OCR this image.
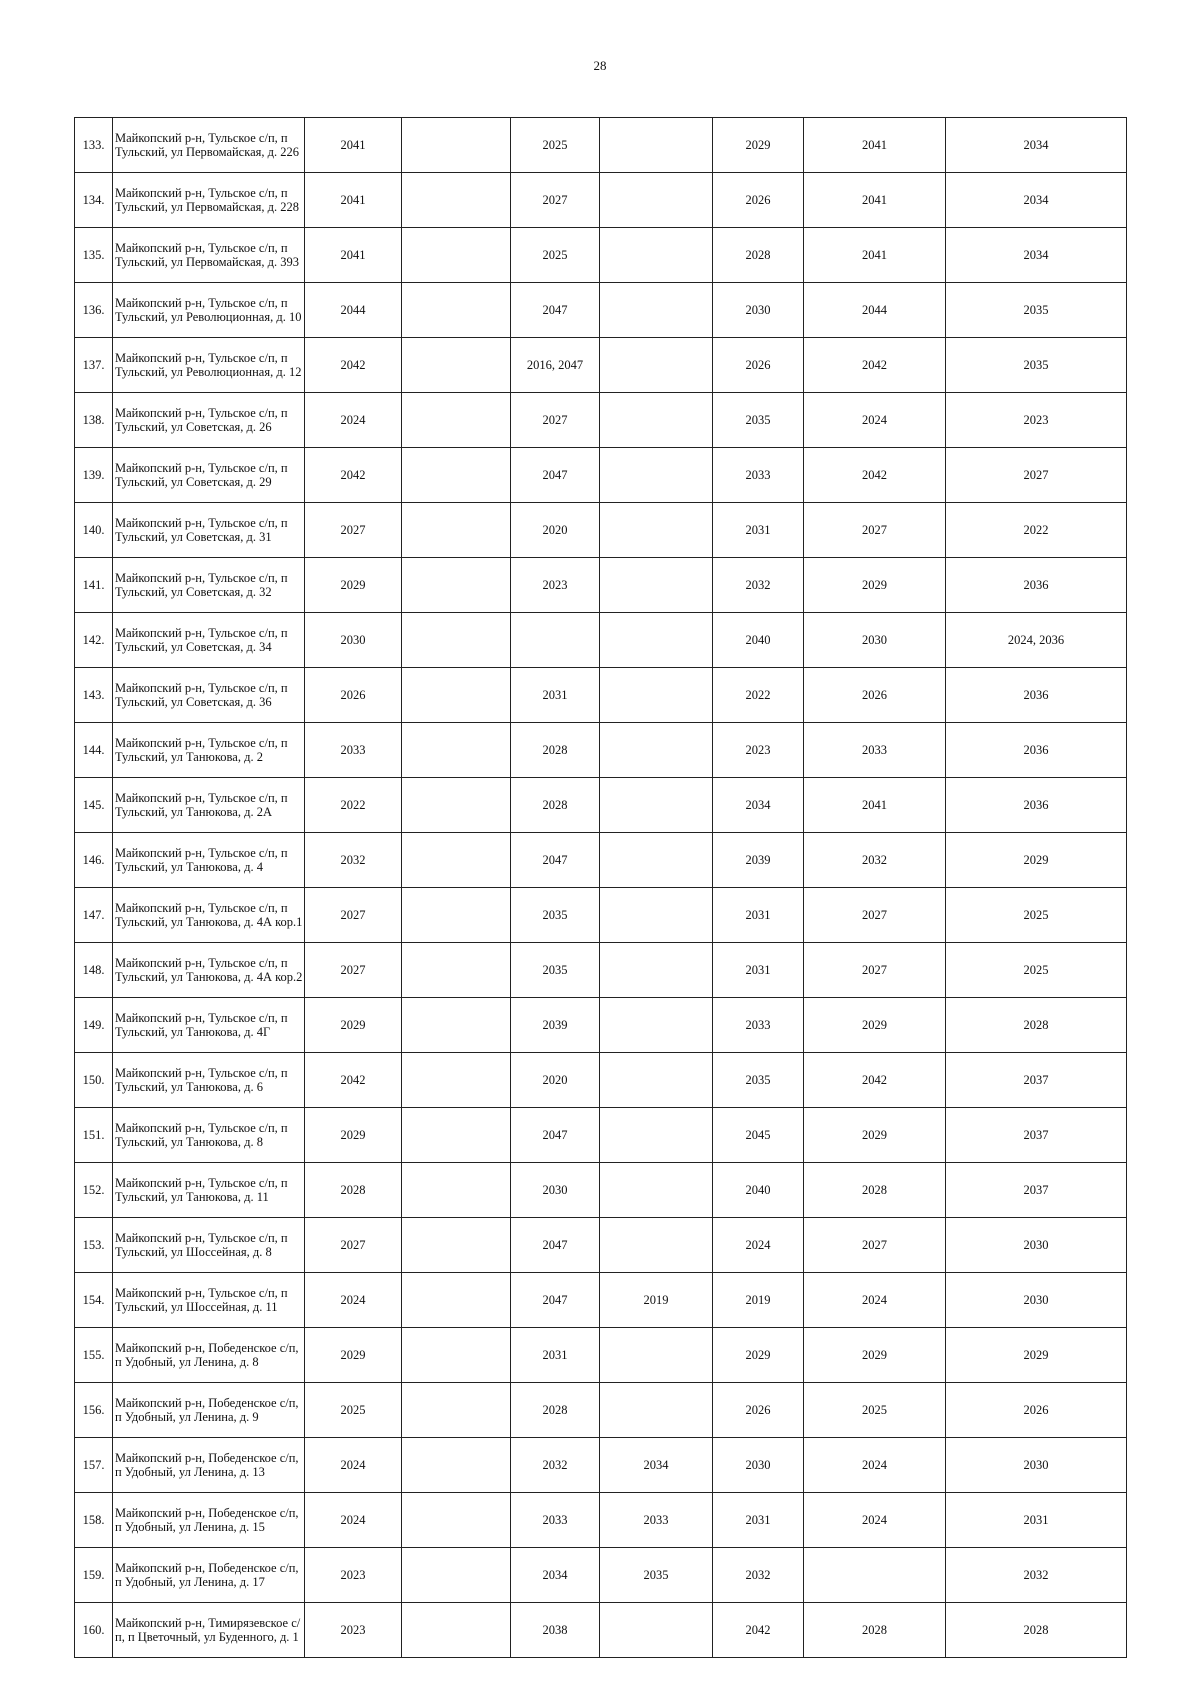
28
133.	Майкопский р-н, Тульское с/п, п Тульский, ул Первомайская, д. 226	2041		2025		2029	2041	2034
134.	Майкопский р-н, Тульское с/п, п Тульский, ул Первомайская, д. 228	2041		2027		2026	2041	2034
135.	Майкопский р-н, Тульское с/п, п Тульский, ул Первомайская, д. 393	2041		2025		2028	2041	2034
136.	Майкопский р-н, Тульское с/п, п Тульский, ул Революционная, д. 10	2044		2047		2030	2044	2035
137.	Майкопский р-н, Тульское с/п, п Тульский, ул Революционная, д. 12	2042		2016, 2047		2026	2042	2035
138.	Майкопский р-н, Тульское с/п, п Тульский, ул Советская, д. 26	2024		2027		2035	2024	2023
139.	Майкопский р-н, Тульское с/п, п Тульский, ул Советская, д. 29	2042		2047		2033	2042	2027
140.	Майкопский р-н, Тульское с/п, п Тульский, ул Советская, д. 31	2027		2020		2031	2027	2022
141.	Майкопский р-н, Тульское с/п, п Тульский, ул Советская, д. 32	2029		2023		2032	2029	2036
142.	Майкопский р-н, Тульское с/п, п Тульский, ул Советская, д. 34	2030				2040	2030	2024, 2036
143.	Майкопский р-н, Тульское с/п, п Тульский, ул Советская, д. 36	2026		2031		2022	2026	2036
144.	Майкопский р-н, Тульское с/п, п Тульский, ул Танюкова, д. 2	2033		2028		2023	2033	2036
145.	Майкопский р-н, Тульское с/п, п Тульский, ул Танюкова, д. 2А	2022		2028		2034	2041	2036
146.	Майкопский р-н, Тульское с/п, п Тульский, ул Танюкова, д. 4	2032		2047		2039	2032	2029
147.	Майкопский р-н, Тульское с/п, п Тульский, ул Танюкова, д. 4А кор.1	2027		2035		2031	2027	2025
148.	Майкопский р-н, Тульское с/п, п Тульский, ул Танюкова, д. 4А кор.2	2027		2035		2031	2027	2025
149.	Майкопский р-н, Тульское с/п, п Тульский, ул Танюкова, д. 4Г	2029		2039		2033	2029	2028
150.	Майкопский р-н, Тульское с/п, п Тульский, ул Танюкова, д. 6	2042		2020		2035	2042	2037
151.	Майкопский р-н, Тульское с/п, п Тульский, ул Танюкова, д. 8	2029		2047		2045	2029	2037
152.	Майкопский р-н, Тульское с/п, п Тульский, ул Танюкова, д. 11	2028		2030		2040	2028	2037
153.	Майкопский р-н, Тульское с/п, п Тульский, ул Шоссейная, д. 8	2027		2047		2024	2027	2030
154.	Майкопский р-н, Тульское с/п, п Тульский, ул Шоссейная, д. 11	2024		2047	2019	2019	2024	2030
155.	Майкопский р-н, Победенское с/п, п Удобный, ул Ленина, д. 8	2029		2031		2029	2029	2029
156.	Майкопский р-н, Победенское с/п, п Удобный, ул Ленина, д. 9	2025		2028		2026	2025	2026
157.	Майкопский р-н, Победенское с/п, п Удобный, ул Ленина, д. 13	2024		2032	2034	2030	2024	2030
158.	Майкопский р-н, Победенское с/п, п Удобный, ул Ленина, д. 15	2024		2033	2033	2031	2024	2031
159.	Майкопский р-н, Победенское с/п, п Удобный, ул Ленина, д. 17	2023		2034	2035	2032		2032
160.	Майкопский р-н, Тимирязевское с/п, п Цветочный, ул Буденного, д. 1	2023		2038		2042	2028	2028
